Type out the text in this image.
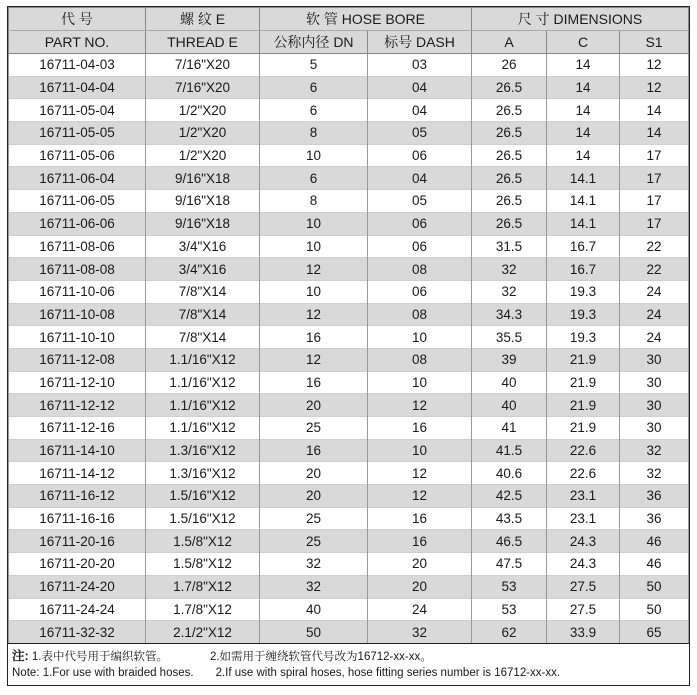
代 号	螺 纹 E	软 管 HOSE BORE		尺 寸 DIMENSIONS		
PART NO.	THREAD E	公称内径 DN	标号 DASH	A	C	S1
16711-04-03	7/16"X20	5	03	26	14	12
16711-04-04	7/16"X20	6	04	26.5	14	12
16711-05-04	1/2"X20	6	04	26.5	14	14
16711-05-05	1/2"X20	8	05	26.5	14	14
16711-05-06	1/2"X20	10	06	26.5	14	17
16711-06-04	9/16"X18	6	04	26.5	14.1	17
16711-06-05	9/16"X18	8	05	26.5	14.1	17
16711-06-06	9/16"X18	10	06	26.5	14.1	17
16711-08-06	3/4"X16	10	06	31.5	16.7	22
16711-08-08	3/4"X16	12	08	32	16.7	22
16711-10-06	7/8"X14	10	06	32	19.3	24
16711-10-08	7/8"X14	12	08	34.3	19.3	24
16711-10-10	7/8"X14	16	10	35.5	19.3	24
16711-12-08	1.1/16"X12	12	08	39	21.9	30
16711-12-10	1.1/16"X12	16	10	40	21.9	30
16711-12-12	1.1/16"X12	20	12	40	21.9	30
16711-12-16	1.1/16"X12	25	16	41	21.9	30
16711-14-10	1.3/16"X12	16	10	41.5	22.6	32
16711-14-12	1.3/16"X12	20	12	40.6	22.6	32
16711-16-12	1.5/16"X12	20	12	42.5	23.1	36
16711-16-16	1.5/16"X12	25	16	43.5	23.1	36
16711-20-16	1.5/8"X12	25	16	46.5	24.3	46
16711-20-20	1.5/8"X12	32	20	47.5	24.3	46
16711-24-20	1.7/8"X12	32	20	53	27.5	50
16711-24-24	1.7/8"X12	40	24	53	27.5	50
16711-32-32	2.1/2"X12	50	32	62	33.9	65
注: 1.表中代号用于编织软管。	2.如需用于缠绕软管代号改为16712-xx-xx。
Note: 1.For use with braided hoses. 2.If use with spiral hoses, hose fitting series number is 16712-xx-xx.
